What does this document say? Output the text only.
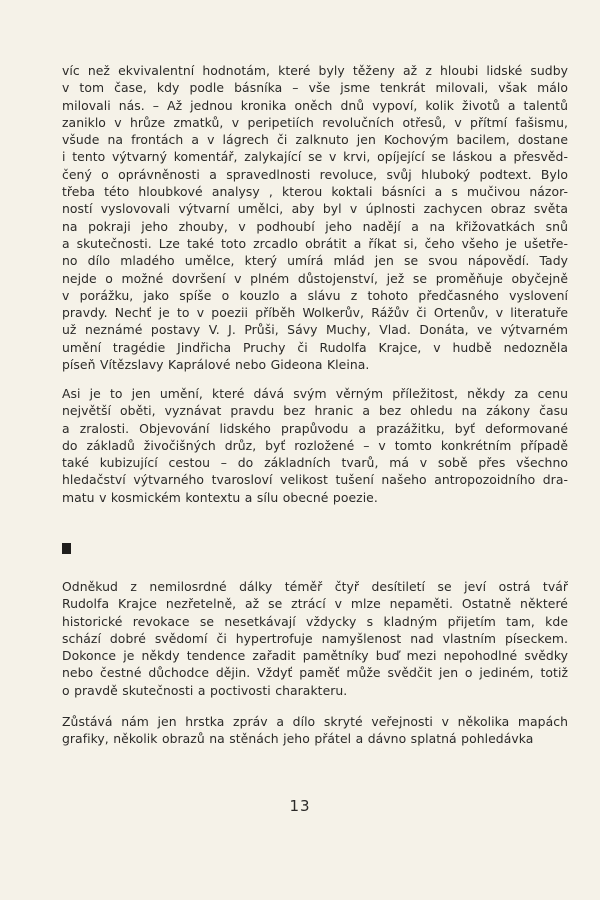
víc než ekvivalentní hodnotám, které byly těženy až z hloubi lidské sudby
v tom čase, kdy podle básníka – vše jsme tenkrát milovali, však málo
milovali nás. – Až jednou kronika oněch dnů vypoví, kolik životů a talentů
zaniklo v hrůze zmatků, v peripetiích revolučních otřesů, v přítmí fašismu,
všude na frontách a v lágrech či zalknuto jen Kochovým bacilem, dostane
i tento výtvarný komentář, zalykající se v krvi, opíjející se láskou a přesvěd-
čený o oprávněnosti a spravedlnosti revoluce, svůj hluboký podtext. Bylo
třeba této hloubkové analysy , kterou koktali básníci a s mučivou názor-
ností vyslovovali výtvarní umělci, aby byl v úplnosti zachycen obraz světa
na pokraji jeho zhouby, v podhoubí jeho nadějí a na křižovatkách snů
a skutečnosti. Lze také toto zrcadlo obrátit a říkat si, čeho všeho je ušetře-
no dílo mladého umělce, který umírá mlád jen se svou nápovědí. Tady
nejde o možné dovršení v plném důstojenství, jež se proměňuje obyčejně
v porážku, jako spíše o kouzlo a slávu z tohoto předčasného vyslovení
pravdy. Nechť je to v poezii příběh Wolkerův, Rážův či Ortenův, v literatuře
už neznámé postavy V. J. Průši, Sávy Muchy, Vlad. Donáta, ve výtvarném
umění tragédie Jindřicha Pruchy či Rudolfa Krajce, v hudbě nedozněla
píseň Vítězslavy Kaprálové nebo Gideona Kleina.
Asi je to jen umění, které dává svým věrným příležitost, někdy za cenu
největší oběti, vyznávat pravdu bez hranic a bez ohledu na zákony času
a zralosti. Objevování lidského prapůvodu a prazážitku, byť deformované
do základů živočišných drůz, byť rozložené – v tomto konkrétním případě
také kubizující cestou – do základních tvarů, má v sobě přes všechno
hledačství výtvarného tvarosloví velikost tušení našeho antropozoidního dra-
matu v kosmickém kontextu a sílu obecné poezie.
Odněkud z nemilosrdné dálky téměř čtyř desítiletí se jeví ostrá tvář
Rudolfa Krajce nezřetelně, až se ztrácí v mlze nepaměti. Ostatně některé
historické revokace se nesetkávají vždycky s kladným přijetím tam, kde
schází dobré svědomí či hypertrofuje namyšlenost nad vlastním píseckem.
Dokonce je někdy tendence zařadit pamětníky buď mezi nepohodlné svědky
nebo čestné důchodce dějin. Vždyť paměť může svědčit jen o jediném, totiž
o pravdě skutečnosti a poctivosti charakteru.
Zůstává nám jen hrstka zpráv a dílo skryté veřejnosti v několika mapách
grafiky, několik obrazů na stěnách jeho přátel a dávno splatná pohledávka
13
